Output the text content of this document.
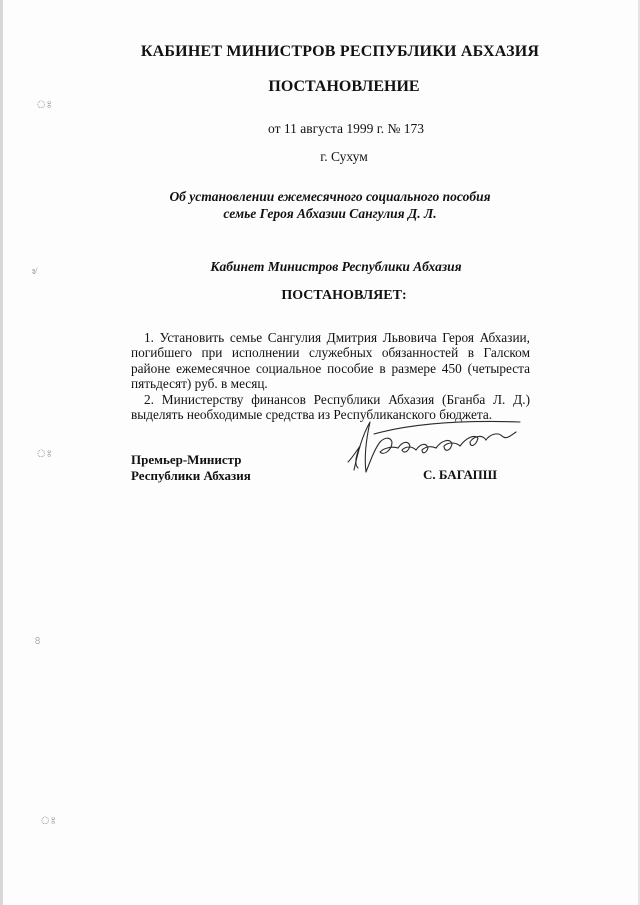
ঃ
৶
ঃ
৪
ঃ
КАБИНЕТ МИНИСТРОВ РЕСПУБЛИКИ АБХАЗИЯ
ПОСТАНОВЛЕНИЕ
от 11 августа 1999 г. № 173
г. Сухум
Об установлении ежемесячного социального пособия
семье Героя Абхазии Сангулия Д. Л.
Кабинет Министров Республики Абхазия
ПОСТАНОВЛЯЕТ:

1. Установить семье Сангулия Дмитрия Львовича Героя Абхазии, погибшего при исполнении служебных обязанностей в Галском районе ежемесячное социальное пособие в размере 450 (четыреста пятьдесят) руб. в месяц.

2. Министерству финансов Республики Абхазия (Бганба Л. Д.) выделять необходимые средства из Республиканского бюджета.

Премьер-Министр
Республики Абхазия	С. БАГАПШ
